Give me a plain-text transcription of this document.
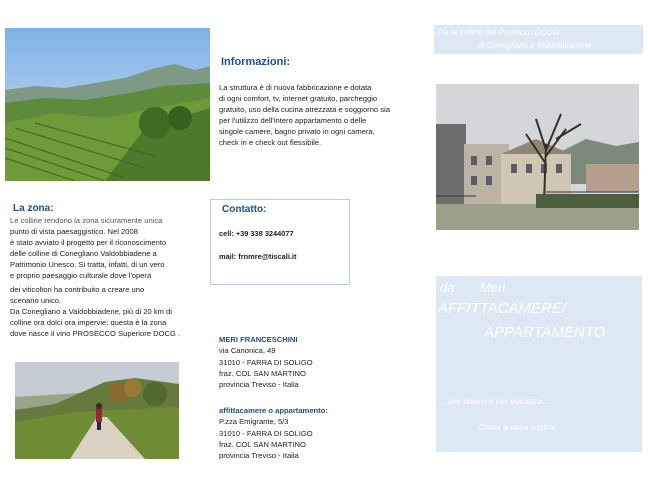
Informazioni:
La struttura è di nuova fabbricazione e dotata
di ogni comfort, tv, internet gratuito, parcheggio
gratuito, uso della cucina atrezzata e soggiorno sia
per l'utilizzo dell'intero appartamento o delle
singole camere, bagno privato in ogni camera,
check in e check out flessibile.
La zona:
Le colline rendono la zona sicuramente unica
punto di vista paesaggistico. Nel 2008
è stato avviato il progetto per il riconoscimento
delle colline di Conegliano Valdobbiadene a
Patrimonio Unesco. Si tratta, infatti, di un vero
e proprio paesaggio culturale dove l'opera
dei viticoltori ha contribuito a creare uno
scenario unico.
Da Conegliano a Valdobbiadene, più di 20 km di
colline ora dolci ora impervie: questa è la zona
dove nasce il vino PROSECCO Superiore DOCG .
Contatto:
cell: +39 338 3244077
mail: frnmre@tiscali.it
MERI FRANCESCHINI
via Canonica, 49
31010 - FARRA DI SOLIGO
fraz. COL SAN MARTINO
provincia Treviso - Italia
affittacamere o appartamento:
P.zza Emigrante, 5/3
31010 - FARRA DI SOLIGO
fraz. COL SAN MARTINO
provincia Treviso - Italia
Tra le colline del Prosecco DOCG
di Conegliano e Valdobbiadene
da Meri
AFFITTACAMERE/
APPARTAMENTO
…per lavoro o per vacanza…
Come a casa vostra!
